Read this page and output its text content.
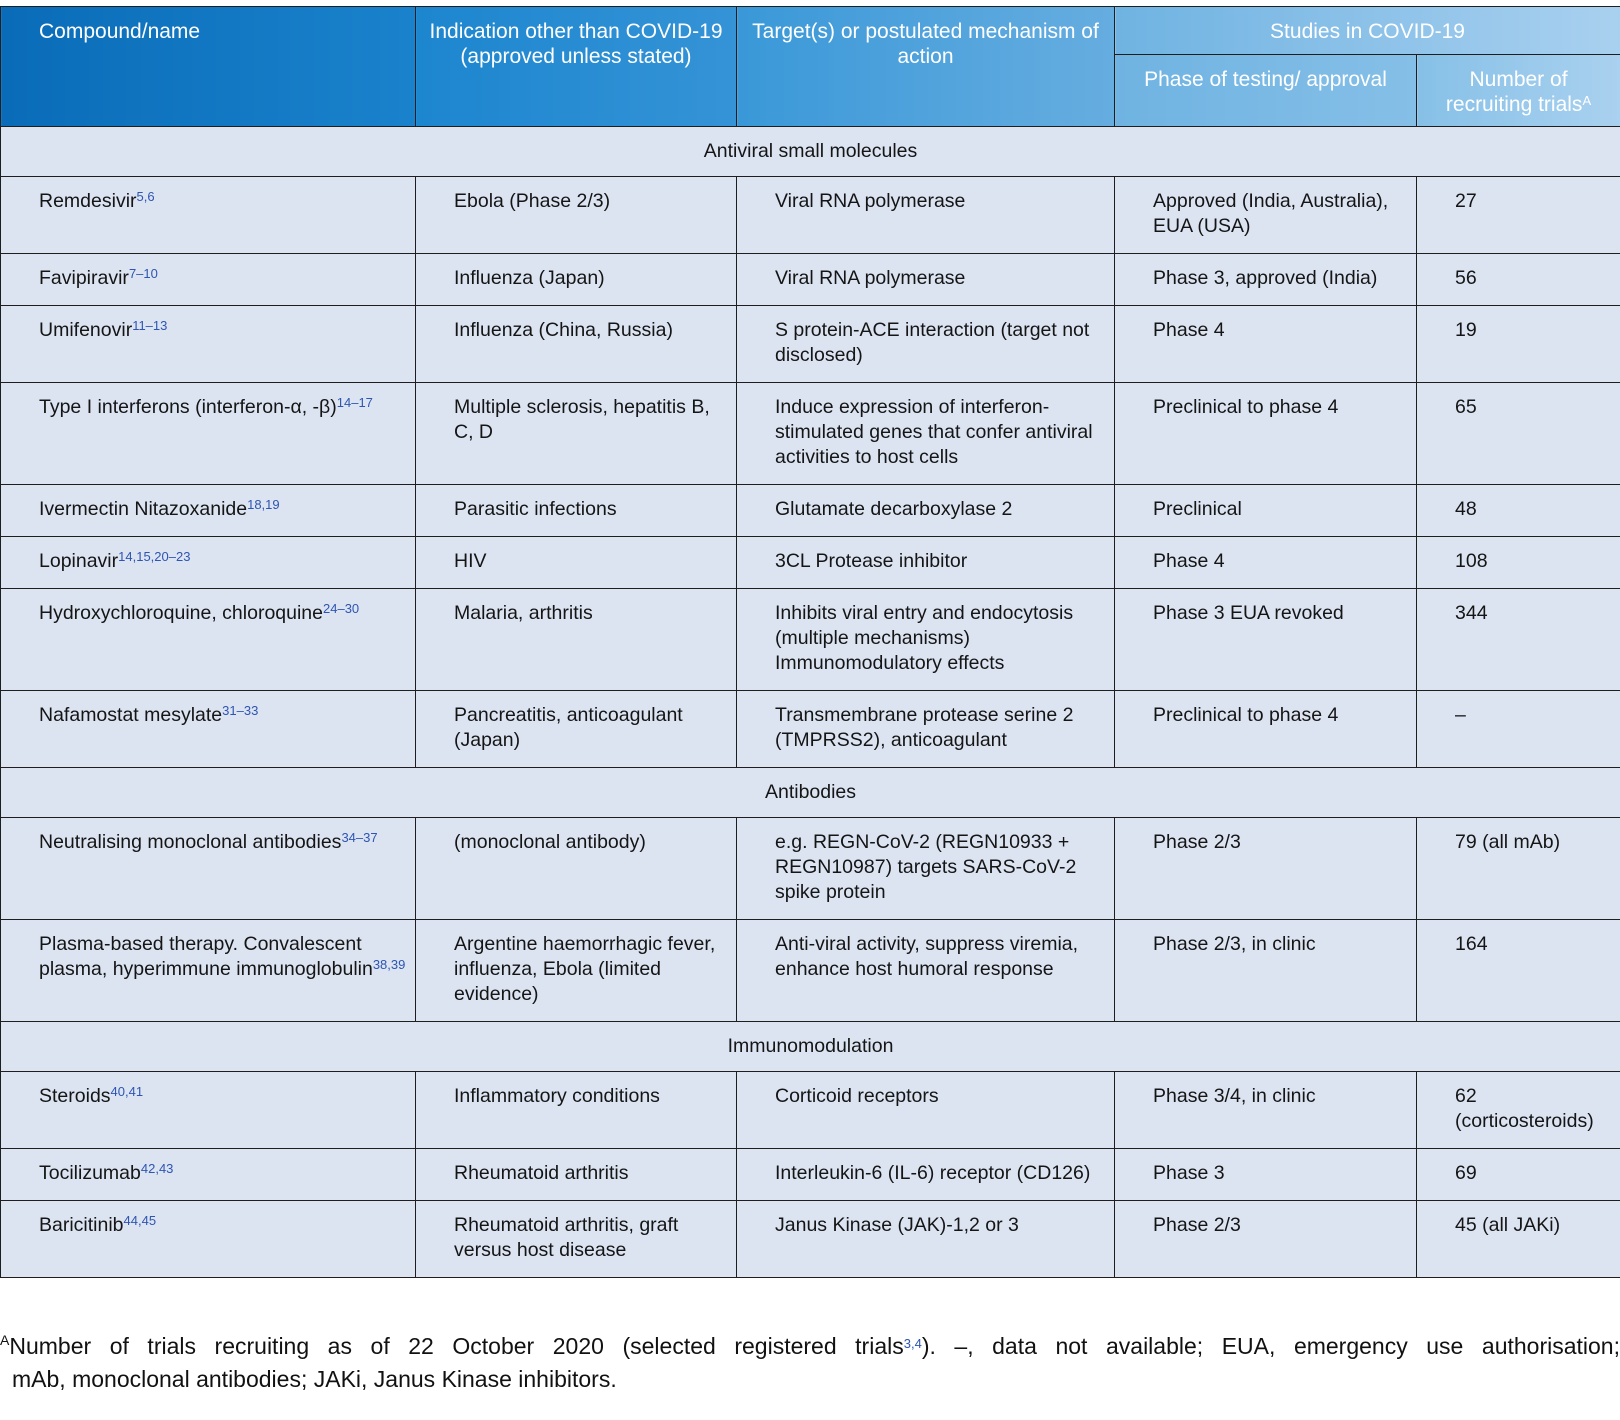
Compound/name	Indication other than COVID-19 (approved unless stated)	Target(s) or postulated mechanism of action	Studies in COVID-19	
			Phase of testing/ approval	Number of recruiting trials$^A$
Antiviral small molecules				
Remdesivir$^{5,6}$	Ebola (Phase 2/3)	Viral RNA polymerase	Approved (India, Australia), EUA (USA)	27
Favipiravir$^{7-10}$	Influenza (Japan)	Viral RNA polymerase	Phase 3, approved (India)	56
Umifenovir$^{11-13}$	Influenza (China, Russia)	S protein-ACE interaction (target not disclosed)	Phase 4	19
Type I interferons (interferon-α, -β)$^{14-17}$	Multiple sclerosis, hepatitis B, C, D	Induce expression of interferon-stimulated genes that confer antiviral activities to host cells	Preclinical to phase 4	65
Ivermectin Nitazoxanide$^{18,19}$	Parasitic infections	Glutamate decarboxylase 2	Preclinical	48
Lopinavir$^{14,15,20-23}$	HIV	3CL Protease inhibitor	Phase 4	108
Hydroxychloroquine, chloroquine$^{24-30}$	Malaria, arthritis	Inhibits viral entry and endocytosis (multiple mechanisms) Immunomodulatory effects	Phase 3 EUA revoked	344
Nafamostat mesylate$^{31-33}$	Pancreatitis, anticoagulant (Japan)	Transmembrane protease serine 2 (TMPRSS2), anticoagulant	Preclinical to phase 4	–
Antibodies				
Neutralising monoclonal antibodies$^{34-37}$	(monoclonal antibody)	e.g. REGN-CoV-2 (REGN10933 + REGN10987) targets SARS-CoV-2 spike protein	Phase 2/3	79 (all mAb)
Plasma-based therapy. Convalescent plasma, hyperimmune immunoglobulin$^{38,39}$	Argentine haemorrhagic fever, influenza, Ebola (limited evidence)	Anti-viral activity, suppress viremia, enhance host humoral response	Phase 2/3, in clinic	164
Immunomodulation				
Steroids$^{40,41}$	Inflammatory conditions	Corticoid receptors	Phase 3/4, in clinic	62 (corticosteroids)
Tocilizumab$^{42,43}$	Rheumatoid arthritis	Interleukin-6 (IL-6) receptor (CD126)	Phase 3	69
Baricitinib$^{44,45}$	Rheumatoid arthritis, graft versus host disease	Janus Kinase (JAK)-1,2 or 3	Phase 2/3	45 (all JAKi)
$^A$Number of trials recruiting as of 22 October 2020 (selected registered trials$^{3,4}$). –, data not available; EUA, emergency use authorisation;
mAb, monoclonal antibodies; JAKi, Janus Kinase inhibitors.
